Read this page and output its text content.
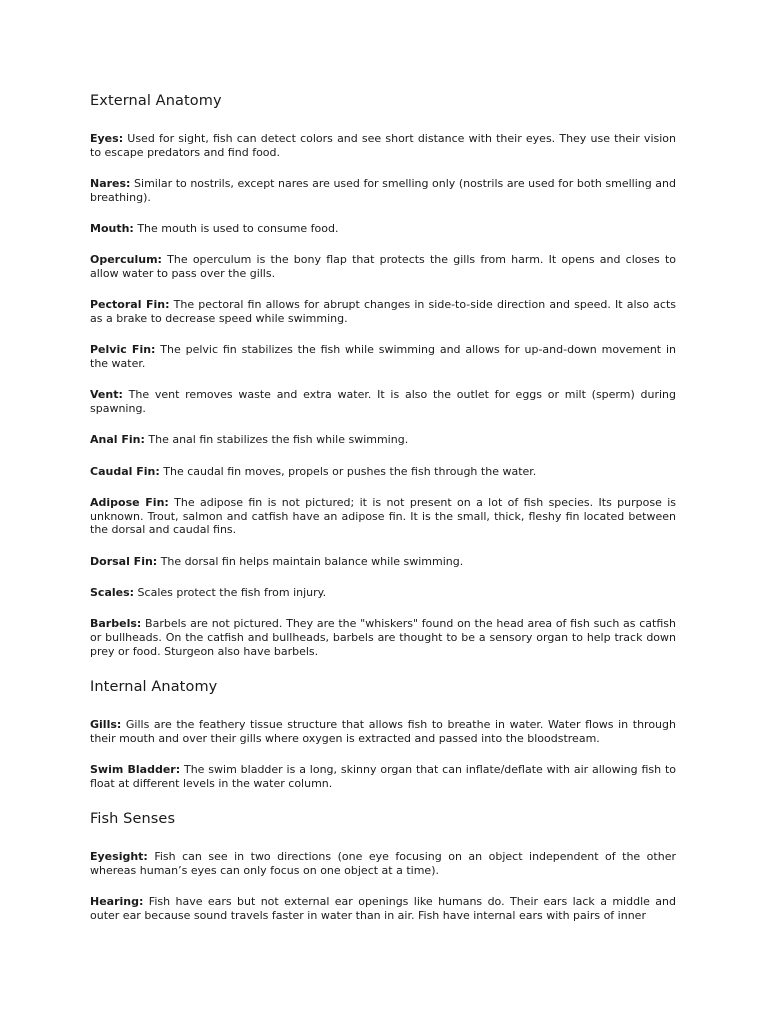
External Anatomy

Eyes: Used for sight, fish can detect colors and see short distance with their eyes. They use their vision to escape predators and find food.

Nares: Similar to nostrils, except nares are used for smelling only (nostrils are used for both smelling and breathing).

Mouth: The mouth is used to consume food.

Operculum: The operculum is the bony flap that protects the gills from harm. It opens and closes to allow water to pass over the gills.

Pectoral Fin: The pectoral fin allows for abrupt changes in side-to-side direction and speed. It also acts as a brake to decrease speed while swimming.

Pelvic Fin: The pelvic fin stabilizes the fish while swimming and allows for up-and-down movement in the water.

Vent: The vent removes waste and extra water. It is also the outlet for eggs or milt (sperm) during spawning.

Anal Fin: The anal fin stabilizes the fish while swimming.

Caudal Fin: The caudal fin moves, propels or pushes the fish through the water.

Adipose Fin: The adipose fin is not pictured; it is not present on a lot of fish species. Its purpose is unknown. Trout, salmon and catfish have an adipose fin. It is the small, thick, fleshy fin located between the dorsal and caudal fins.

Dorsal Fin: The dorsal fin helps maintain balance while swimming.

Scales: Scales protect the fish from injury.

Barbels: Barbels are not pictured. They are the "whiskers" found on the head area of fish such as catfish or bullheads. On the catfish and bullheads, barbels are thought to be a sensory organ to help track down prey or food. Sturgeon also have barbels.

Internal Anatomy

Gills: Gills are the feathery tissue structure that allows fish to breathe in water. Water flows in through their mouth and over their gills where oxygen is extracted and passed into the bloodstream.

Swim Bladder: The swim bladder is a long, skinny organ that can inflate/deflate with air allowing fish to float at different levels in the water column.

Fish Senses

Eyesight: Fish can see in two directions (one eye focusing on an object independent of the other whereas human’s eyes can only focus on one object at a time).

Hearing: Fish have ears but not external ear openings like humans do. Their ears lack a middle and outer ear because sound travels faster in water than in air. Fish have internal ears with pairs of inner
